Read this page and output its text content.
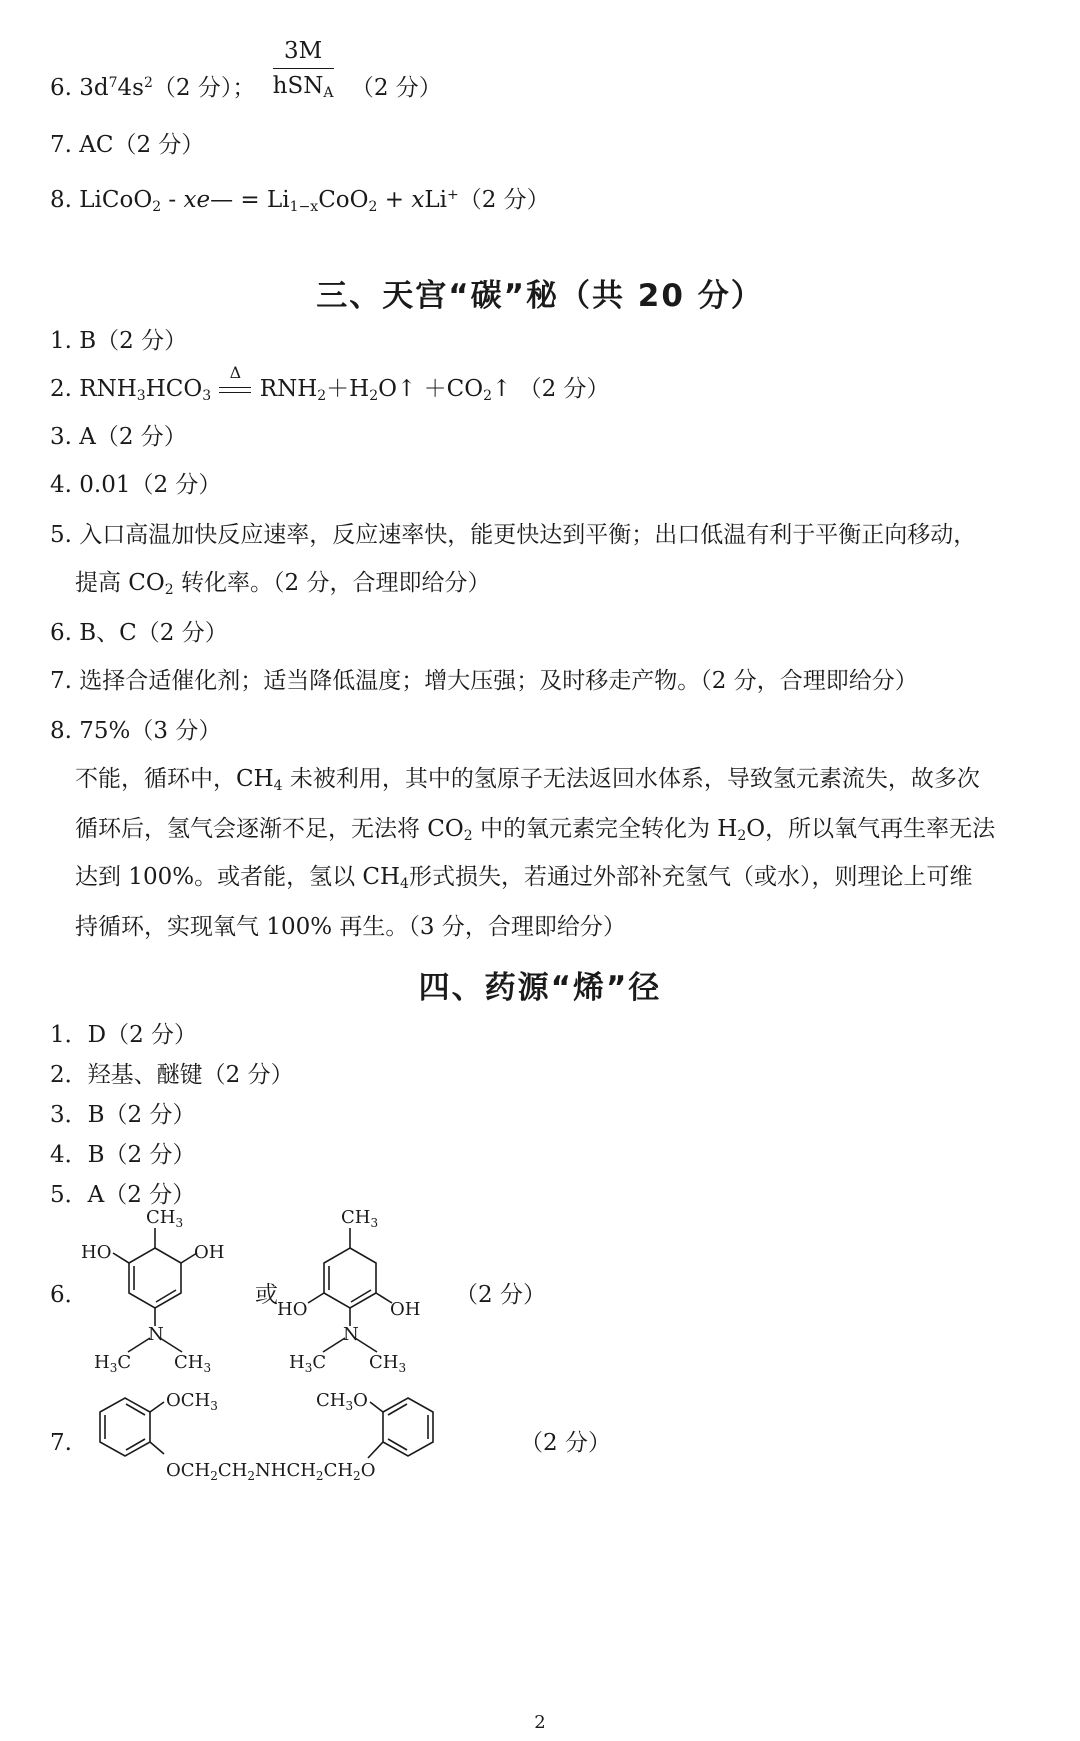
6. $3d^74s^2(2$ 分）； $\frac{3M}{hSN_A} (2$ 分）
7. AC（2 分）
8. LiCoO$_2$ - xe— = $Li_{1-x}CoO_2 + xLi^+(2$ 分）
三、天宫“碳”秘（共 20 分）
1. B（2 分）
2. $RNH_3HCO_3$
Δ
$RNH_2+H_2O↑$ $+CO_2↑$ （2 分）
3. A（2 分）
4. 0.01（2 分）
5. 入口高温加快反应速率，反应速率快，能更快达到平衡；出口低温有利于平衡正向移动，
提高 $CO_2$ 转化率。（2 分，合理即给分）
6. B、C（2 分）
7. 选择合适催化剂；适当降低温度；增大压强；及时移走产物。（2 分，合理即给分）
8. 75%（3 分）
不能，循环中，$CH_4$ 未被利用，其中的氢原子无法返回水体系，导致氢元素流失，故多次
循环后，氢气会逐渐不足，无法将 $CO_2$ 中的氧元素完全转化为 $H_2O$，所以氧气再生率无法
达到 100%。或者能，氢以 $CH_4$形式损失，若通过外部补充氢气（或水），则理论上可维
持循环，实现氧气 100% 再生。（3 分，合理即给分）
四、药源“烯”径
1．D（2 分）
2．羟基、醚键（2 分）
3．B（2 分）
4．B（2 分）
5．A（2 分）
6．
$CH_3$
HO	OH
N
$H_3C$ $CH_3$
或
$CH_3$
HO	OH
N
$H_3C$ $CH_3$
（2 分）
7.
$OCH_3$
$OCH_2CH_2NHCH_2CH_2O$
$CH_3O$
（2 分）
2
